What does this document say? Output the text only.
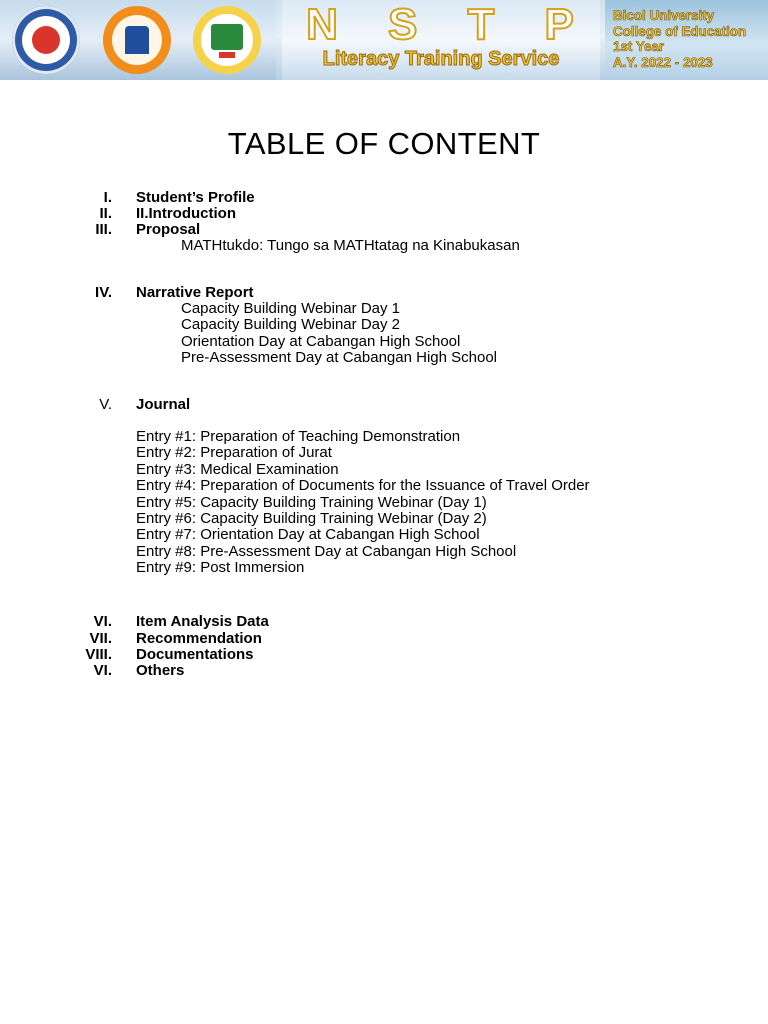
N S T P
Literacy Training Service
Bicol University
College of Education
1st Year
A.Y. 2022 - 2023
TABLE OF CONTENT
I. Student’s Profile
II. II.Introduction
III. Proposal
MATHtukdo: Tungo sa MATHtatag na Kinabukasan
IV. Narrative Report
Capacity Building Webinar Day 1
Capacity Building Webinar Day 2
Orientation Day at Cabangan High School
Pre-Assessment Day at Cabangan High School
V. Journal
Entry #1: Preparation of Teaching Demonstration
Entry #2: Preparation of Jurat
Entry #3: Medical Examination
Entry #4: Preparation of Documents for the Issuance of Travel Order
Entry #5: Capacity Building Training Webinar (Day 1)
Entry #6: Capacity Building Training Webinar (Day 2)
Entry #7: Orientation Day at Cabangan High School
Entry #8: Pre-Assessment Day at Cabangan High School
Entry #9: Post Immersion
VI. Item Analysis Data
VII. Recommendation
VIII. Documentations
VI. Others
